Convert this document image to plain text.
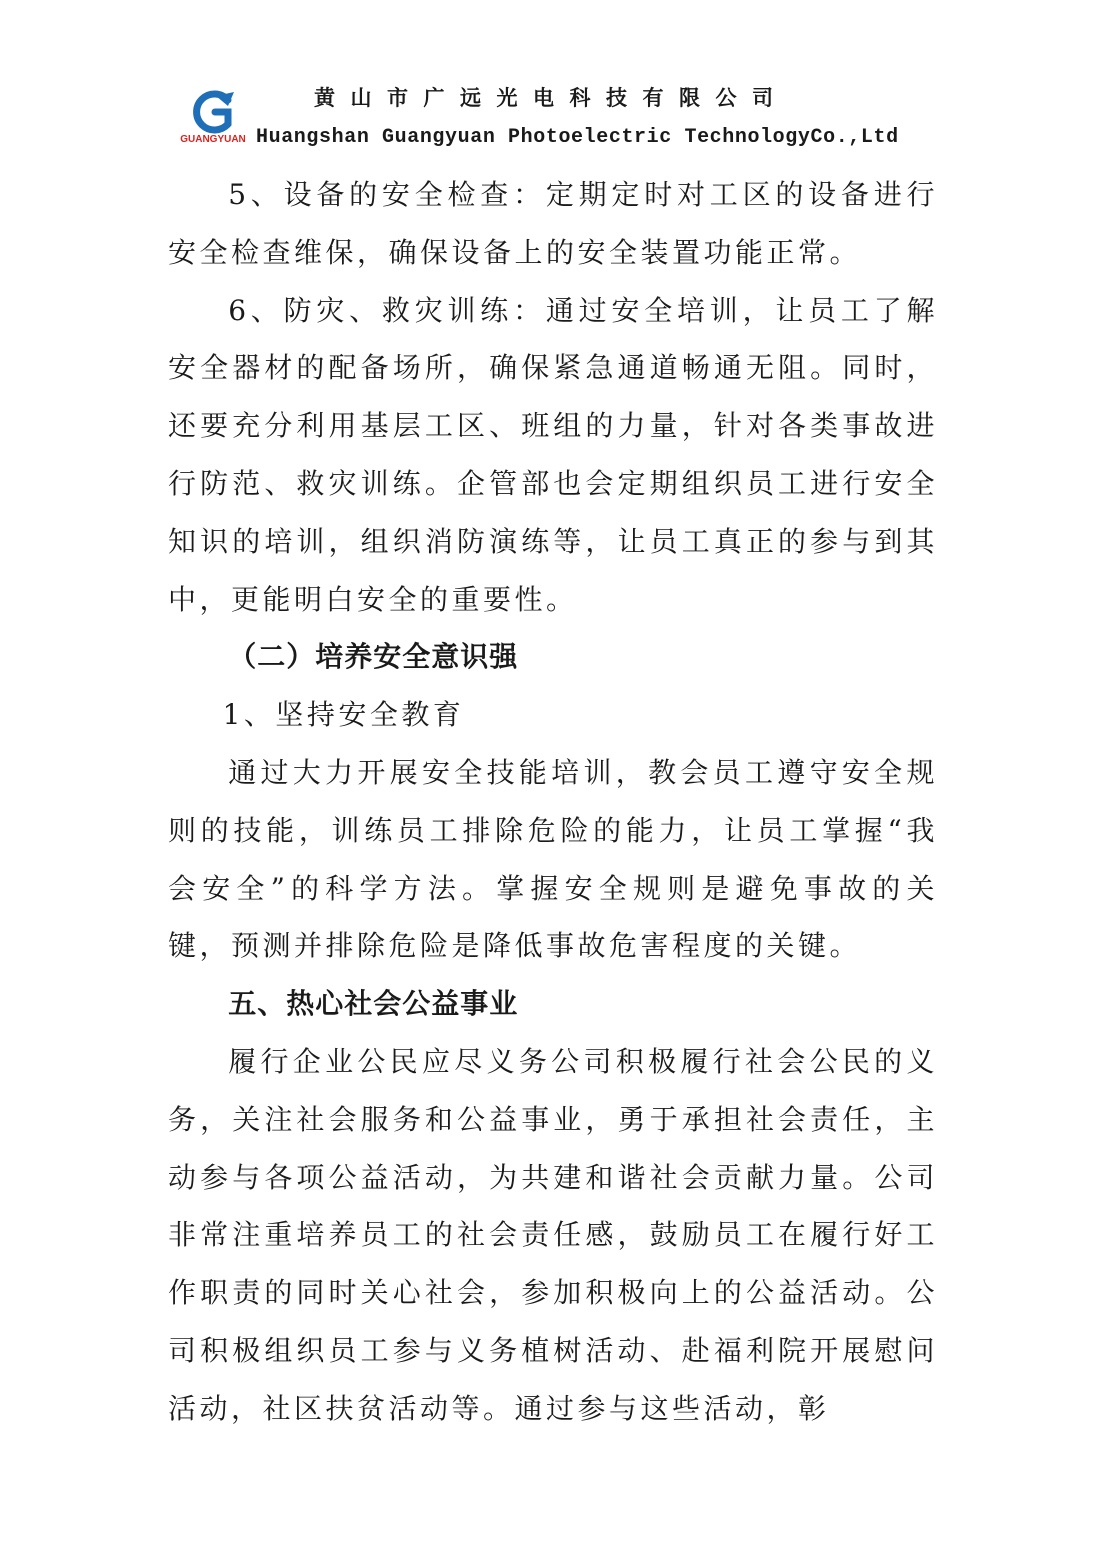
GUANGYUAN
黄山市广远光电科技有限公司
Huangshan Guangyuan Photoelectric TechnologyCo.,Ltd

5、设备的安全检查：定期定时对工区的设备进行安全检查维保，确保设备上的安全装置功能正常。

6、防灾、救灾训练：通过安全培训，让员工了解安全器材的配备场所，确保紧急通道畅通无阻。同时，还要充分利用基层工区、班组的力量，针对各类事故进行防范、救灾训练。企管部也会定期组织员工进行安全知识的培训，组织消防演练等，让员工真正的参与到其中，更能明白安全的重要性。

（二）培养安全意识强

1、坚持安全教育

通过大力开展安全技能培训，教会员工遵守安全规则的技能，训练员工排除危险的能力，让员工掌握“我会安全”的科学方法。掌握安全规则是避免事故的关键，预测并排除危险是降低事故危害程度的关键。

五、热心社会公益事业

履行企业公民应尽义务公司积极履行社会公民的义务，关注社会服务和公益事业，勇于承担社会责任，主动参与各项公益活动，为共建和谐社会贡献力量。公司非常注重培养员工的社会责任感，鼓励员工在履行好工作职责的同时关心社会，参加积极向上的公益活动。公司积极组织员工参与义务植树活动、赴福利院开展慰问活动，社区扶贫活动等。通过参与这些活动，彰
